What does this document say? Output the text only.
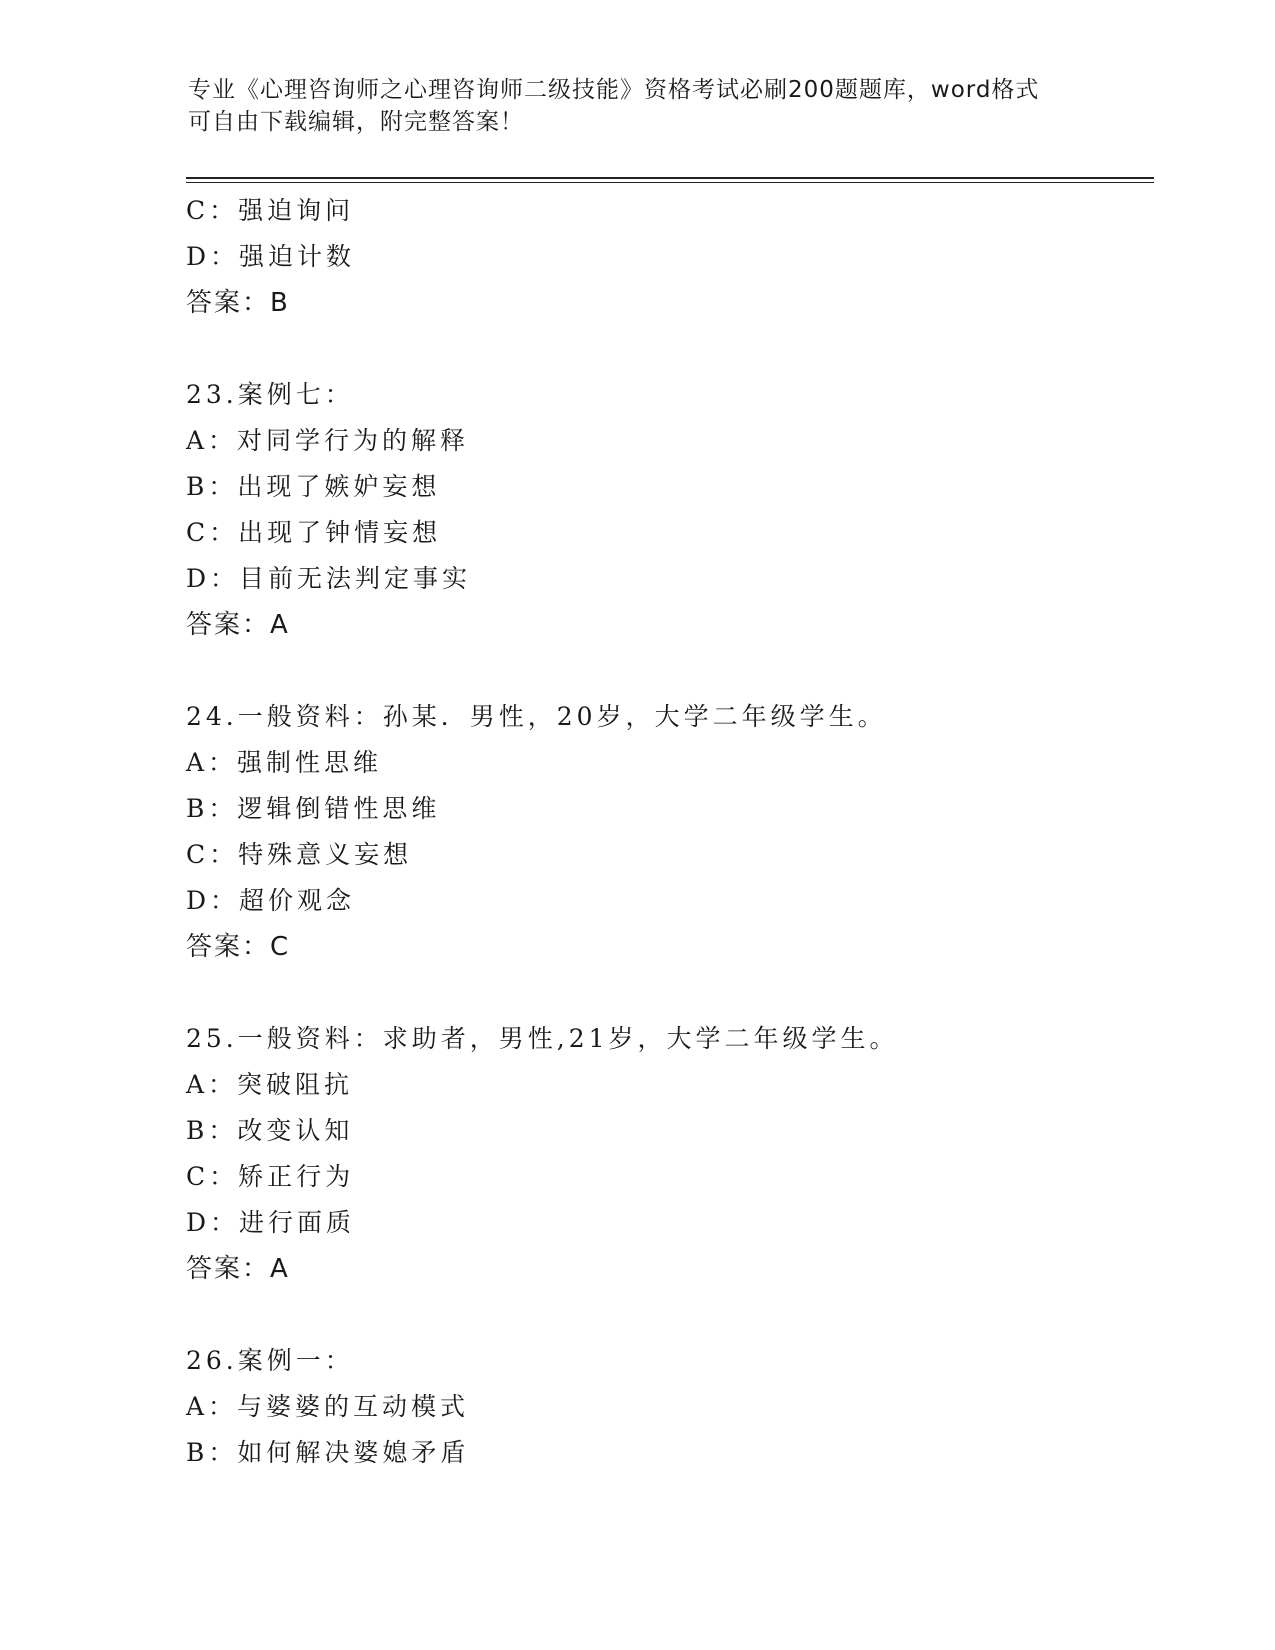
专业《心理咨询师之心理咨询师二级技能》资格考试必刷200题题库，word格式
可自由下载编辑，附完整答案！
C：强迫询问
D：强迫计数
答案：B
23.案例七：
A：对同学行为的解释
B：出现了嫉妒妄想
C：出现了钟情妄想
D：目前无法判定事实
答案：A
24.一般资料：孙某．男性，20岁，大学二年级学生。
A：强制性思维
B：逻辑倒错性思维
C：特殊意义妄想
D：超价观念
答案：C
25.一般资料：求助者，男性,21岁，大学二年级学生。
A：突破阻抗
B：改变认知
C：矫正行为
D：进行面质
答案：A
26.案例一：
A：与婆婆的互动模式
B：如何解决婆媳矛盾
